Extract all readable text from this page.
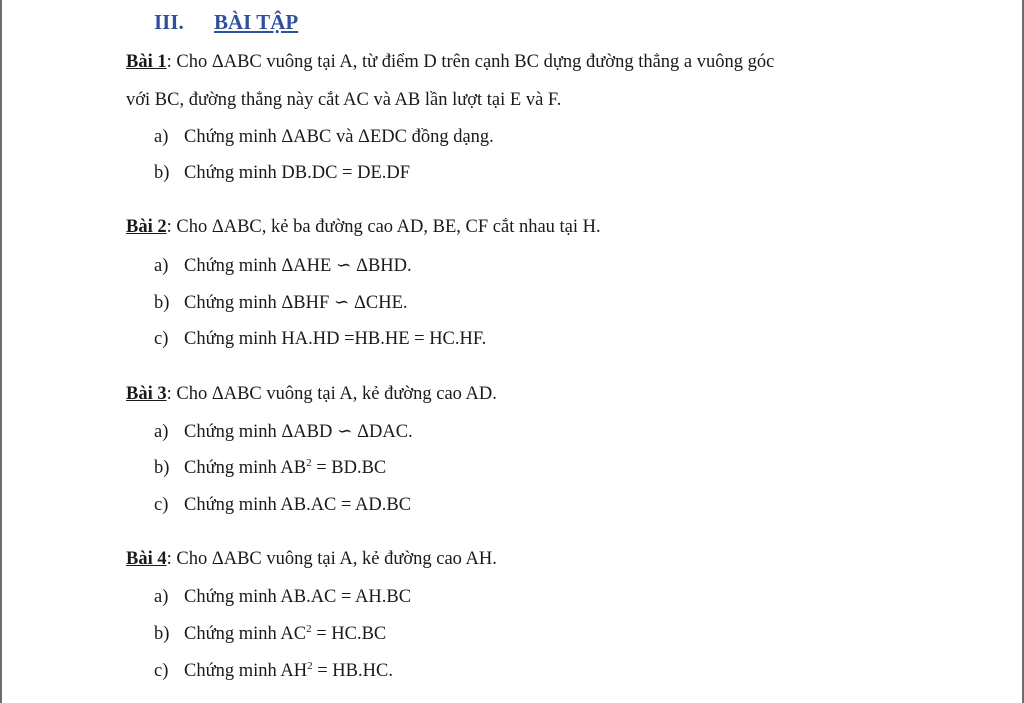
III. BÀI TẬP
Bài 1: Cho ΔABC vuông tại A, từ điểm D trên cạnh BC dựng đường thẳng a vuông góc
với BC, đường thẳng này cắt AC và AB lần lượt tại E và F.
a) Chứng minh ΔABC và ΔEDC đồng dạng.
b) Chứng minh DB.DC = DE.DF
Bài 2: Cho ΔABC, kẻ ba đường cao AD, BE, CF cắt nhau tại H.
a) Chứng minh ΔAHE ∽ ΔBHD.
b) Chứng minh ΔBHF ∽ ΔCHE.
c) Chứng minh HA.HD =HB.HE = HC.HF.
Bài 3: Cho ΔABC vuông tại A, kẻ đường cao AD.
a) Chứng minh ΔABD ∽ ΔDAC.
b) Chứng minh $AB^2 = BD.BC$
c) Chứng minh AB.AC = AD.BC
Bài 4: Cho ΔABC vuông tại A, kẻ đường cao AH.
a) Chứng minh AB.AC = AH.BC
b) Chứng minh $AC^2 = HC.BC$
c) Chứng minh $AH^2 = HB.HC$.
